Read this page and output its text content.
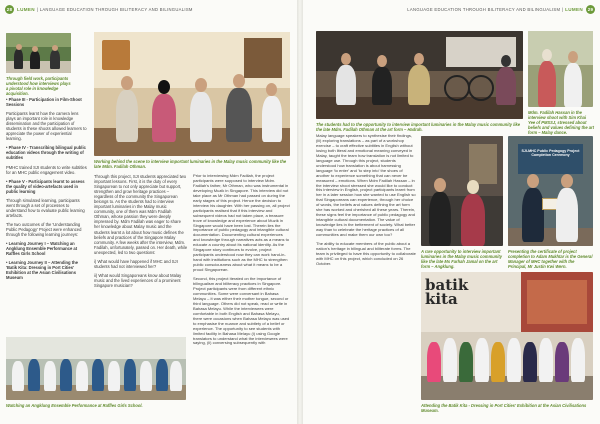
28	LUMEN | LANGUAGE EDUCATION THROUGH BILITERACY AND BILINGUALISM
Through field work, participants understood how interviews plays a pivotal role in knowledge acquisition.
Working behind the scene to interview important luminaries in the Malay music community like the late Mdm. Fadilah Othman.

• Phase III - Participation in Film-Shoot Sessions

Participants learnt how the camera lens plays an important role in knowledge dissemination and the participation of students in these shoots allowed learners to appreciate the power of experiential learning.

• Phase IV - Transcribing bilingual public education videos through the writing of subtitles

PMHC trained SJI students to write subtitles for an MHC public engagement video.

• Phase V - Participants learnt to assess the quality of video-artefacts used in public learning

Through simulated learning, participants went through a set of processes to understand how to evaluate public learning artefacts.

The two outcomes of the 'Understanding Public Pedagogy' Project were enhanced through the following learning journeys:

• Learning Journey I – Watching an Angklung Ensemble Performance at Raffles Girls School

• Learning Journey II – Attending the 'Batik Kita: Dressing in Port Cities' Exhibition at the Asian Civilisations Museum

Through this project, SJI students appreciated two important lessons. First, it is the duty of every Singaporean to not only appreciate but support, strengthen and grow heritage practices – regardless of the community the Singaporean belongs to. As the students had to interview important luminaries in the Malay music community, one of them was Mdm Fadilah Othman, whose passion they were deeply impressed by. Mdm Fadilah was eager to share her knowledge about Malay music and the students learnt a lot about how music defines the beliefs and practices of the Singapore Malay community. A few weeks after the interview, Mdm. Fadilah, unfortunately, passed on. Her death, while unexpected, led to two questions:

i) What would have happened if MHC and SJI students had not interviewed her?

ii) What would Singaporeans know about Malay music and the lived experiences of a prominent Singapore musician?

Prior to interviewing Mdm Fadilah, the project participants were supposed to interview Mdm. Fadilah's father, Mr Othman, who was instrumental in developing Muzik in Singapore. This interview did not take place as Mr Othman had passed on during the early stages of this project. Hence the decision to interview his daughter. With her passing on, all project participants realised that if this interview and subsequent videos had not taken place, a treasure trove of knowledge and experience about Muzik in Singapore would have been lost. Therein lies the importance of public pedagogy and intangible cultural documentation. Documenting cultural experiences and knowledge through narratives acts as a means to educate a country about its national identity. As the Singapore story continues to evolve, project participants understood now they can work hand-in-hand with institutions such as the MHC to strengthen public consciousness about what it means to be a proud Singaporean.

Second, this project iterated on the importance of bilingualism and biliteracy practices in Singapore. Project participants were from different ethnic communities. Some were conversant in Bahasa Melayu – it was either their mother tongue, second or third language. Others did not speak, read or write in Bahasa Melayu. While the interviewees were comfortable in both English and Bahasa Melayu, there were occasions when Bahasa Melayu was used to emphasise the nuance and subtlety of a belief or experience. The opportunity to see students with limited facility in Bahasa Melayu (i) using Google translators to understand what the interviewees were saying, (ii) conversing subsequently with

Watching an Angklung Ensemble Performance at Raffles Girls School.
LANGUAGE EDUCATION THROUGH BILITERACY AND BILINGUALISM | LUMEN	29
The students had to the opportunity to interview important luminaries in the Malay music community like the late Mdm. Fadilah Othman at the art form – Hadrah.
Mdm. Fadilah Hassan in the interview shoot with Sim Khai Yee of PMSSJ, stressed about beliefs and values defining the art form – Malay dance.

Malay language speakers to synthesise their findings, (iii) exploring translations – as part of a workshop exercise – to craft effective subtitles in English without losing both literal and emotional meaning conveyed in Malay, taught the team how translation is not limited to language use. Through this project, students understood how translation is about harnessing language 'to enter' and 'to step into' the shoes of another to experience something that can never be measured – emotions. When Mdm Fadilah Hassan – in the interview shoot stressed she would like to conduct this interview in English, project participants learnt from her in a later session how she wanted to use English so that Singaporeans can experience, through her choice of words, the beliefs and values defining the art form she has worked and cherished all these years. Therein, these signs feel the importance of public pedagogy and intangible cultural documentation. The value of knowledge lies in the betterment of society. What better way than to celebrate the heritage practices of all communities and make them our own too?

The ability to educate members of the public about a nation's heritage in bilingual and biliterate forms. The team is privileged to have this opportunity to collaborate with MHC on this project, which concluded on 26 October.

A rare opportunity to interview important luminaries in the Malay music community like the late Ms Farhah Jamal on the art form – Angklung.
SJI-MHC Public Pedagogy Project Completion Ceremony
Presenting the certificate of project completion to Adam Mukhtar is the General Manager of MHC together with the Principal, Mr Justin Kwi Wern.
batik kita
Attending the Batik Kita - Dressing in Port Cities' Exhibition at the Asian Civilisations Museum.
